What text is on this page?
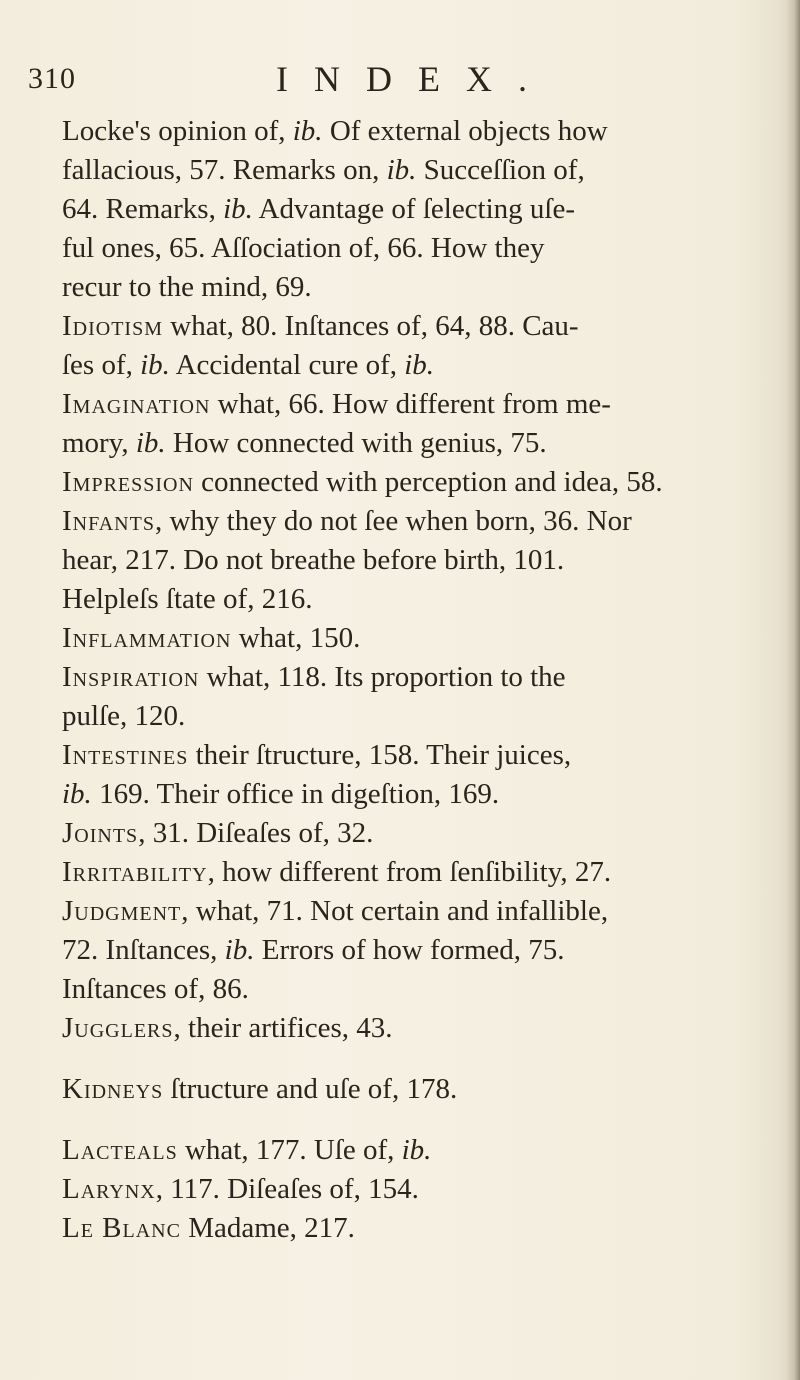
310	INDEX.
Locke's opinion of, ib. Of external objects how
fallacious, 57. Remarks on, ib. Succeſſion of,
64. Remarks, ib. Advantage of ſelecting uſe-
ful ones, 65. Aſſociation of, 66. How they
recur to the mind, 69.
Idiotism what, 80. Inſtances of, 64, 88. Cau-
ſes of, ib. Accidental cure of, ib.
Imagination what, 66. How different from me-
mory, ib. How connected with genius, 75.
Impression connected with perception and idea, 58.
Infants, why they do not ſee when born, 36. Nor
hear, 217. Do not breathe before birth, 101.
Helpleſs ſtate of, 216.
Inflammation what, 150.
Inspiration what, 118. Its proportion to the
pulſe, 120.
Intestines their ſtructure, 158. Their juices,
ib. 169. Their office in digeſtion, 169.
Joints, 31. Diſeaſes of, 32.
Irritability, how different from ſenſibility, 27.
Judgment, what, 71. Not certain and infallible,
72. Inſtances, ib. Errors of how formed, 75.
Inſtances of, 86.
Jugglers, their artifices, 43.
Kidneys ſtructure and uſe of, 178.
Lacteals what, 177. Uſe of, ib.
Larynx, 117. Diſeaſes of, 154.
Le Blanc Madame, 217.
